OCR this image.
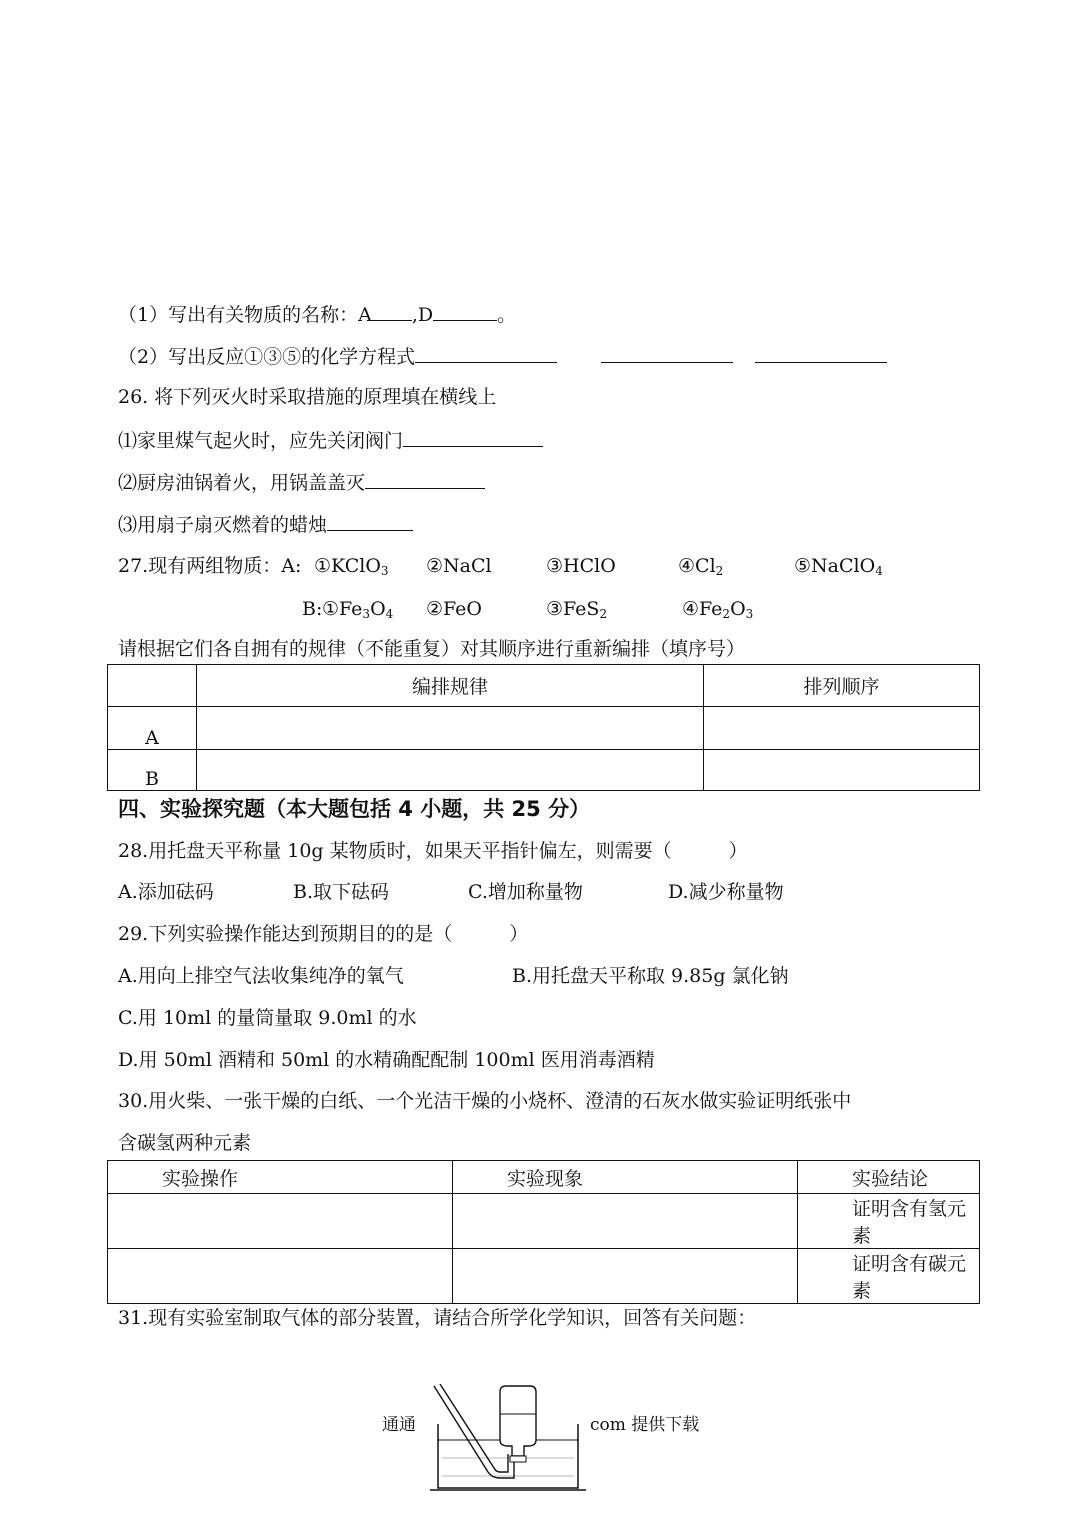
（1）写出有关物质的名称：A ,D	。
（2）写出反应①③⑤的化学方程式
26. 将下列灭火时采取措施的原理填在横线上
⑴家里煤气起火时，应先关闭阀门
⑵厨房油锅着火，用锅盖盖灭
⑶用扇子扇灭燃着的蜡烛
27.现有两组物质：A: ①KClO$_3$ ②NaCl	③HClO	$④Cl_2$	⑤NaClO$_4$
B: $①Fe_3O_4$ ②FeO	③FeS$_2$	$④Fe_2O_3$
请根据它们各自拥有的规律（不能重复）对其顺序进行重新编排（填序号）
	编排规律	排列顺序
A		
B		
四、实验探究题（本大题包括 4 小题，共 25 分）
28.用托盘天平称量 10g 某物质时，如果天平指针偏左，则需要（　　　）
A.添加砝码	B.取下砝码	C.增加称量物	D.减少称量物
29.下列实验操作能达到预期目的的是（　　　）
A.用向上排空气法收集纯净的氧气	B.用托盘天平称取 9.85g 氯化钠
C.用 10ml 的量筒量取 9.0ml 的水
D.用 50ml 酒精和 50ml 的水精确配配制 100ml 医用消毒酒精
30.用火柴、一张干燥的白纸、一个光洁干燥的小烧杯、澄清的石灰水做实验证明纸张中
含碳氢两种元素
实验操作	实验现象	实验结论
		证明含有氢元素
		证明含有碳元素
31.现有实验室制取气体的部分装置，请结合所学化学知识，回答有关问题：
通通	com 提供下载
